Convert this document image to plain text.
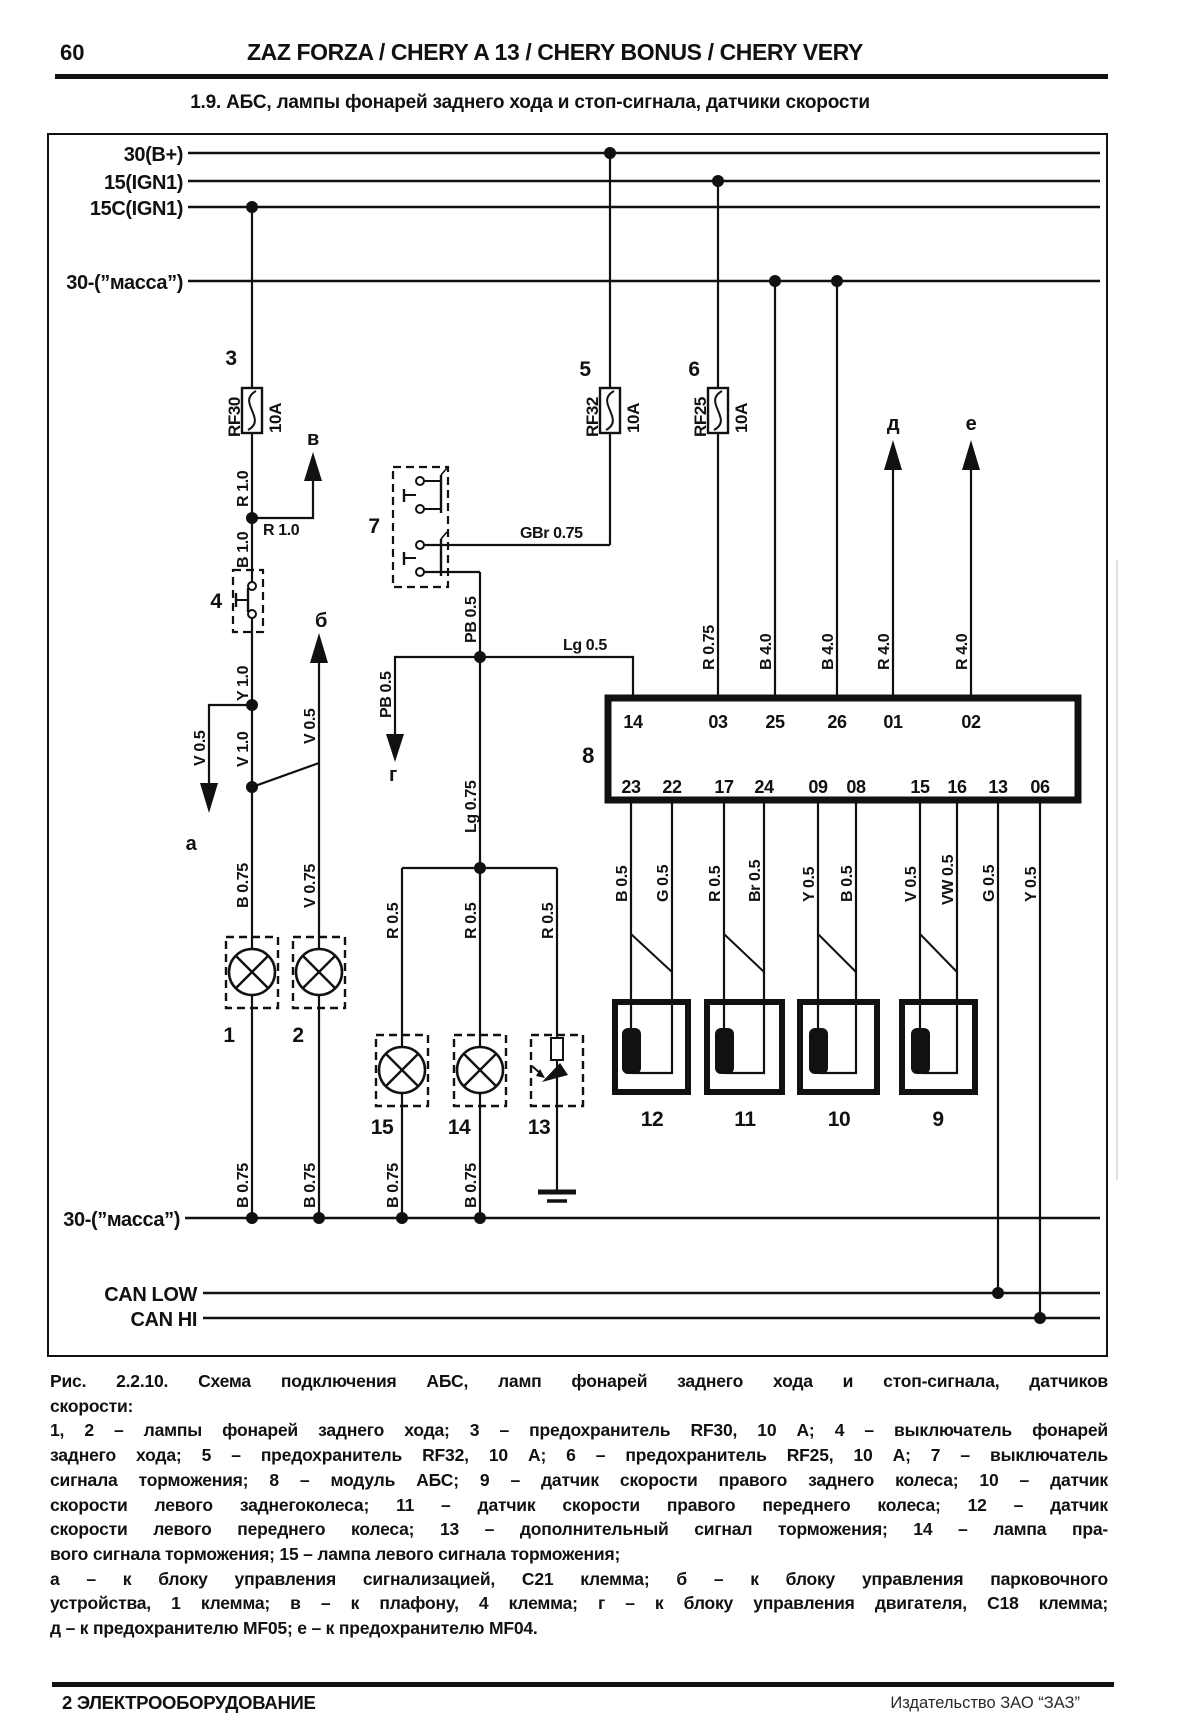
60	ZAZ FORZA / CHERY A 13 / CHERY BONUS / CHERY VERY
1.9. АБС, лампы фонарей заднего хода и стоп-сигнала, датчики скорости
30(B+)
15(IGN1)
15C(IGN1)
30-(”масса”)
30-(”масса”)
CAN LOW
CAN HI
3	5	6
4
7
8
1	2
15	14	13	12	11	10	9
в
б
а
г
д	е
R 1.0	GBr 0.75
Lg 0.5
14	03 25 26 01	02
23 22 17 24 09 08 15 16 13 06
RF30 10A	RF32 10A	RF25 10A
R 1.0
B 1.0
Y 1.0
V 1.0
V 0.5
V 0.5
B 0.75	V 0.75
B 0.75	B 0.75	B 0.75	B 0.75
PB 0.5
PB 0.5
Lg 0.75
R 0.5	R 0.5	R 0.5
R 0.75	B 4.0	B 4.0 R 4.0	R 4.0
B 0.5 G 0.5 R 0.5 Br 0.5 Y 0.5 B 0.5	V 0.5 VW 0.5 G 0.5 Y 0.5
Рис. 2.2.10. Схема подключения АБС, ламп фонарей заднего хода и стоп-сигнала, датчиков
скорости:
1, 2 – лампы фонарей заднего хода; 3 – предохранитель RF30, 10 А; 4 – выключатель фонарей
заднего хода; 5 – предохранитель RF32, 10 А; 6 – предохранитель RF25, 10 А; 7 – выключатель
сигнала торможения; 8 – модуль АБС; 9 – датчик скорости правого заднего колеса; 10 – датчик
скорости левого заднегоколеса; 11 – датчик скорости правого переднего колеса; 12 – датчик
скорости левого переднего колеса; 13 – дополнительный сигнал торможения; 14 – лампа пра-
вого сигнала торможения; 15 – лампа левого сигнала торможения;
а – к блоку управления сигнализацией, С21 клемма; б – к блоку управления парковочного
устройства, 1 клемма; в – к плафону, 4 клемма; г – к блоку управления двигателя, С18 клемма;
д – к предохранителю MF05; е – к предохранителю MF04.
2 ЭЛЕКТРООБОРУДОВАНИЕ	Издательство ЗАО “ЗАЗ”
